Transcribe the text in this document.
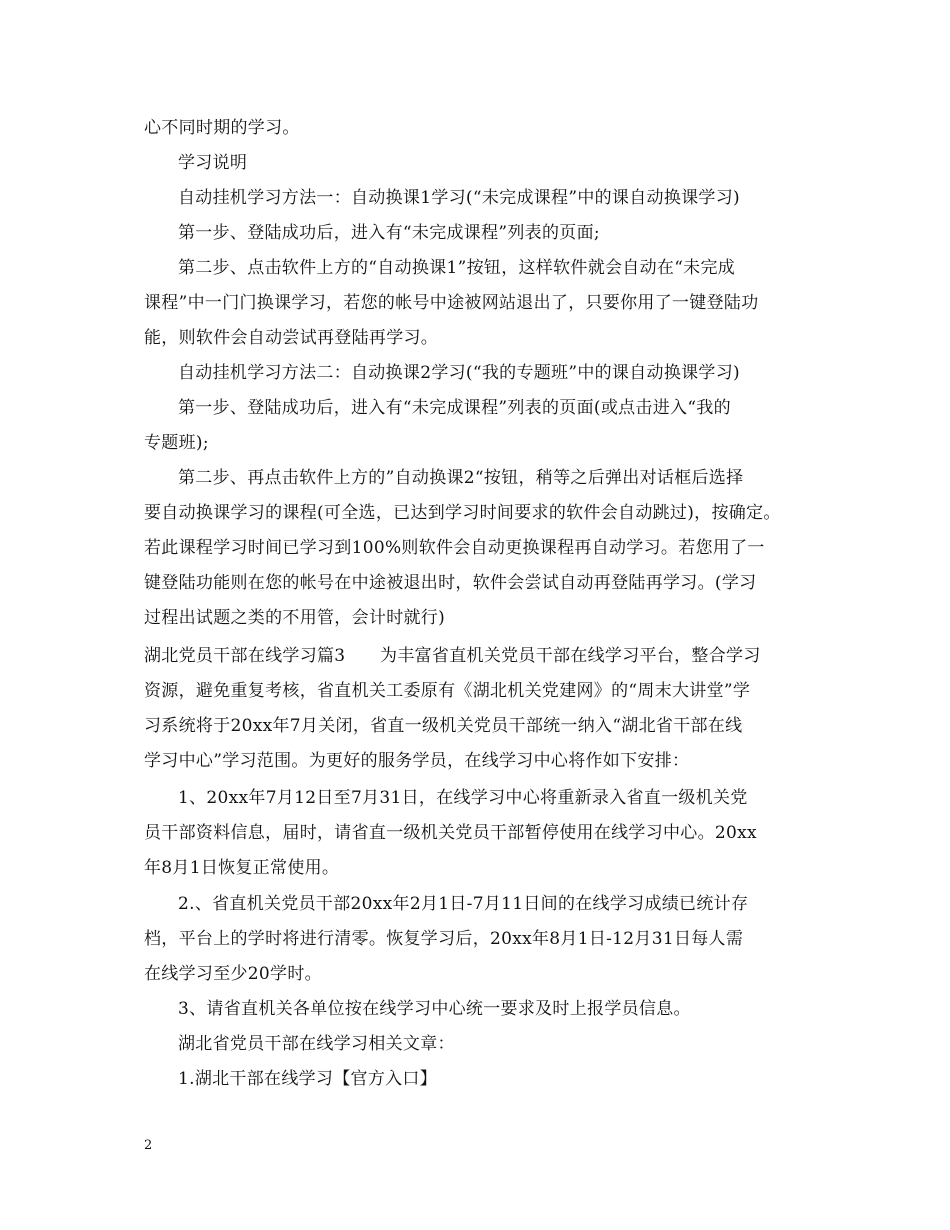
心不同时期的学习。
学习说明
自动挂机学习方法一：自动换课1学习(“未完成课程”中的课自动换课学习)
第一步、登陆成功后，进入有“未完成课程”列表的页面;
第二步、点击软件上方的“自动换课1”按钮，这样软件就会自动在“未完成
课程”中一门门换课学习，若您的帐号中途被网站退出了，只要你用了一键登陆功
能，则软件会自动尝试再登陆再学习。
自动挂机学习方法二：自动换课2学习(“我的专题班”中的课自动换课学习)
第一步、登陆成功后，进入有“未完成课程”列表的页面(或点击进入“我的
专题班);
第二步、再点击软件上方的”自动换课2“按钮，稍等之后弹出对话框后选择
要自动换课学习的课程(可全选，已达到学习时间要求的软件会自动跳过)，按确定。
若此课程学习时间已学习到100%则软件会自动更换课程再自动学习。若您用了一
键登陆功能则在您的帐号在中途被退出时，软件会尝试自动再登陆再学习。(学习
过程出试题之类的不用管，会计时就行)
湖北党员干部在线学习篇3　　为丰富省直机关党员干部在线学习平台，整合学习
资源，避免重复考核，省直机关工委原有《湖北机关党建网》的“周末大讲堂”学
习系统将于20xx年7月关闭，省直一级机关党员干部统一纳入“湖北省干部在线
学习中心”学习范围。为更好的服务学员，在线学习中心将作如下安排：
1、20xx年7月12日至7月31日，在线学习中心将重新录入省直一级机关党
员干部资料信息，届时，请省直一级机关党员干部暂停使用在线学习中心。20xx
年8月1日恢复正常使用。
2.、省直机关党员干部20xx年2月1日-7月11日间的在线学习成绩已统计存
档，平台上的学时将进行清零。恢复学习后，20xx年8月1日-12月31日每人需
在线学习至少20学时。
3、请省直机关各单位按在线学习中心统一要求及时上报学员信息。
湖北省党员干部在线学习相关文章：
1.湖北干部在线学习【官方入口】
2
